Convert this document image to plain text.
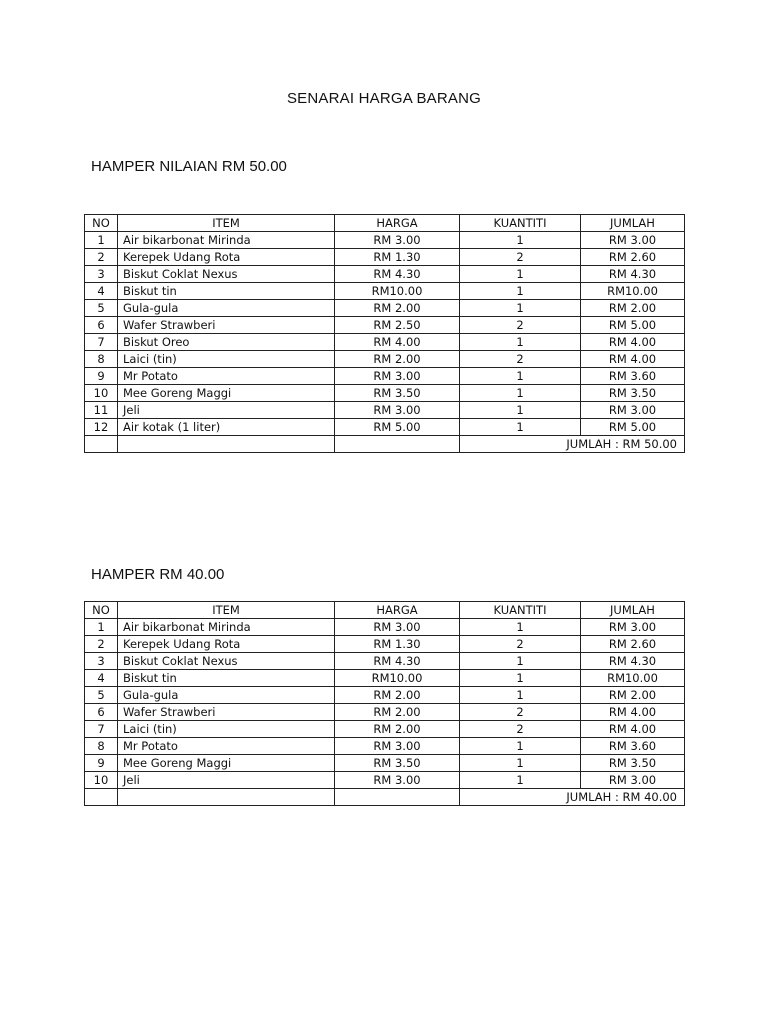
SENARAI HARGA BARANG
HAMPER NILAIAN RM 50.00
NO	ITEM	HARGA	KUANTITI	JUMLAH
1	Air bikarbonat Mirinda	RM 3.00	1	RM 3.00
2	Kerepek Udang Rota	RM 1.30	2	RM 2.60
3	Biskut Coklat Nexus	RM 4.30	1	RM 4.30
4	Biskut tin	RM10.00	1	RM10.00
5	Gula-gula	RM 2.00	1	RM 2.00
6	Wafer Strawberi	RM 2.50	2	RM 5.00
7	Biskut Oreo	RM 4.00	1	RM 4.00
8	Laici (tin)	RM 2.00	2	RM 4.00
9	Mr Potato	RM 3.00	1	RM 3.60
10	Mee Goreng Maggi	RM 3.50	1	RM 3.50
11	Jeli	RM 3.00	1	RM 3.00
12	Air kotak (1 liter)	RM 5.00	1	RM 5.00
			JUMLAH : RM 50.00	
HAMPER RM 40.00
NO	ITEM	HARGA	KUANTITI	JUMLAH
1	Air bikarbonat Mirinda	RM 3.00	1	RM 3.00
2	Kerepek Udang Rota	RM 1.30	2	RM 2.60
3	Biskut Coklat Nexus	RM 4.30	1	RM 4.30
4	Biskut tin	RM10.00	1	RM10.00
5	Gula-gula	RM 2.00	1	RM 2.00
6	Wafer Strawberi	RM 2.00	2	RM 4.00
7	Laici (tin)	RM 2.00	2	RM 4.00
8	Mr Potato	RM 3.00	1	RM 3.60
9	Mee Goreng Maggi	RM 3.50	1	RM 3.50
10	Jeli	RM 3.00	1	RM 3.00
			JUMLAH : RM 40.00	
